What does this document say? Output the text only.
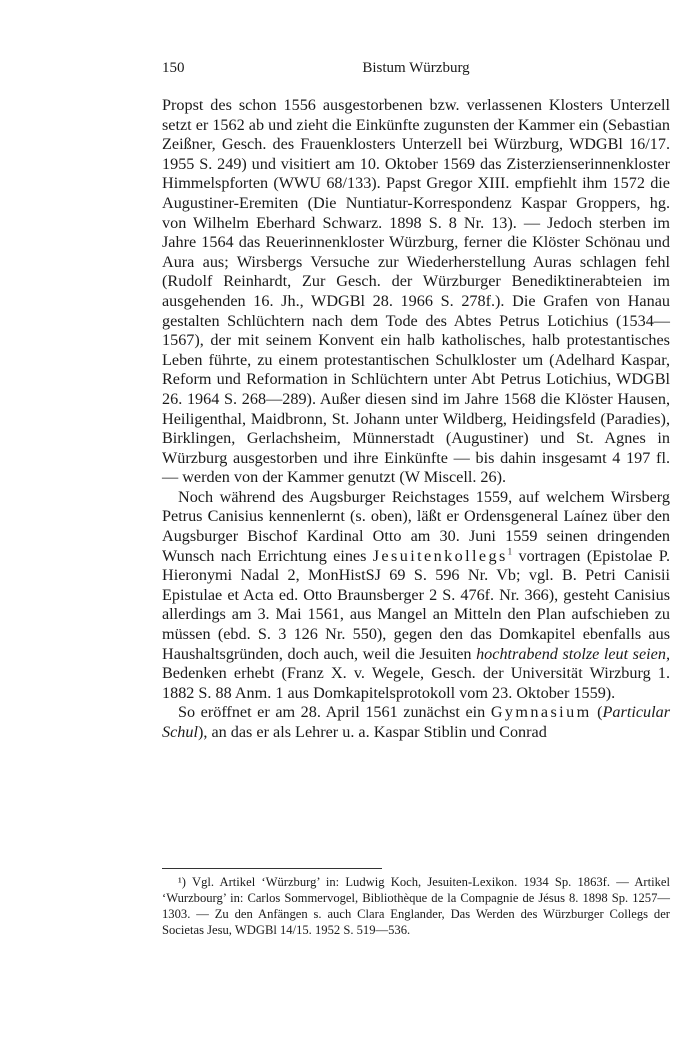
150	Bistum Würzburg

Propst des schon 1556 ausgestorbenen bzw. verlassenen Klosters Unterzell setzt er 1562 ab und zieht die Einkünfte zugunsten der Kammer ein (Sebastian Zeißner, Gesch. des Frauenklosters Unterzell bei Würzburg, WDGBl 16/17. 1955 S. 249) und visitiert am 10. Oktober 1569 das Zisterzienserinnenkloster Himmelspforten (WWU 68/133). Papst Gregor XIII. empfiehlt ihm 1572 die Augustiner-Eremiten (Die Nuntiatur-Korrespondenz Kaspar Groppers, hg. von Wilhelm Eberhard Schwarz. 1898 S. 8 Nr. 13). — Jedoch sterben im Jahre 1564 das Reuerinnenkloster Würzburg, ferner die Klöster Schönau und Aura aus; Wirsbergs Versuche zur Wiederherstellung Auras schlagen fehl (Rudolf Reinhardt, Zur Gesch. der Würzburger Benediktinerabteien im ausgehenden 16. Jh., WDGBl 28. 1966 S. 278f.). Die Grafen von Hanau gestalten Schlüchtern nach dem Tode des Abtes Petrus Lotichius (1534—1567), der mit seinem Konvent ein halb katholisches, halb protestantisches Leben führte, zu einem protestantischen Schulkloster um (Adelhard Kaspar, Reform und Reformation in Schlüchtern unter Abt Petrus Lotichius, WDGBl 26. 1964 S. 268—289). Außer diesen sind im Jahre 1568 die Klöster Hausen, Heiligenthal, Maidbronn, St. Johann unter Wildberg, Heidingsfeld (Paradies), Birklingen, Gerlachsheim, Münnerstadt (Augustiner) und St. Agnes in Würzburg ausgestorben und ihre Einkünfte — bis dahin insgesamt 4 197 fl. — werden von der Kammer genutzt (W Miscell. 26).

Noch während des Augsburger Reichstages 1559, auf welchem Wirsberg Petrus Canisius kennenlernt (s. oben), läßt er Ordensgeneral Laínez über den Augsburger Bischof Kardinal Otto am 30. Juni 1559 seinen dringenden Wunsch nach Errichtung eines Jesuitenkollegs$^1$ vortragen (Epistolae P. Hieronymi Nadal 2, MonHistSJ 69 S. 596 Nr. Vb; vgl. B. Petri Canisii Epistulae et Acta ed. Otto Braunsberger 2 S. 476f. Nr. 366), gesteht Canisius allerdings am 3. Mai 1561, aus Mangel an Mitteln den Plan aufschieben zu müssen (ebd. S. 3 126 Nr. 550), gegen den das Domkapitel ebenfalls aus Haushaltsgründen, doch auch, weil die Jesuiten hochtrabend stolze leut seien, Bedenken erhebt (Franz X. v. Wegele, Gesch. der Universität Wirzburg 1. 1882 S. 88 Anm. 1 aus Domkapitelsprotokoll vom 23. Oktober 1559).

So eröffnet er am 28. April 1561 zunächst ein Gymnasium (Particular Schul), an das er als Lehrer u. a. Kaspar Stiblin und Conrad

¹) Vgl. Artikel ‘Würzburg’ in: Ludwig Koch, Jesuiten-Lexikon. 1934 Sp. 1863f. — Artikel ‘Wurzbourg’ in: Carlos Sommervogel, Bibliothèque de la Compagnie de Jésus 8. 1898 Sp. 1257—1303. — Zu den Anfängen s. auch Clara Englander, Das Werden des Würzburger Collegs der Societas Jesu, WDGBl 14/15. 1952 S. 519—536.
